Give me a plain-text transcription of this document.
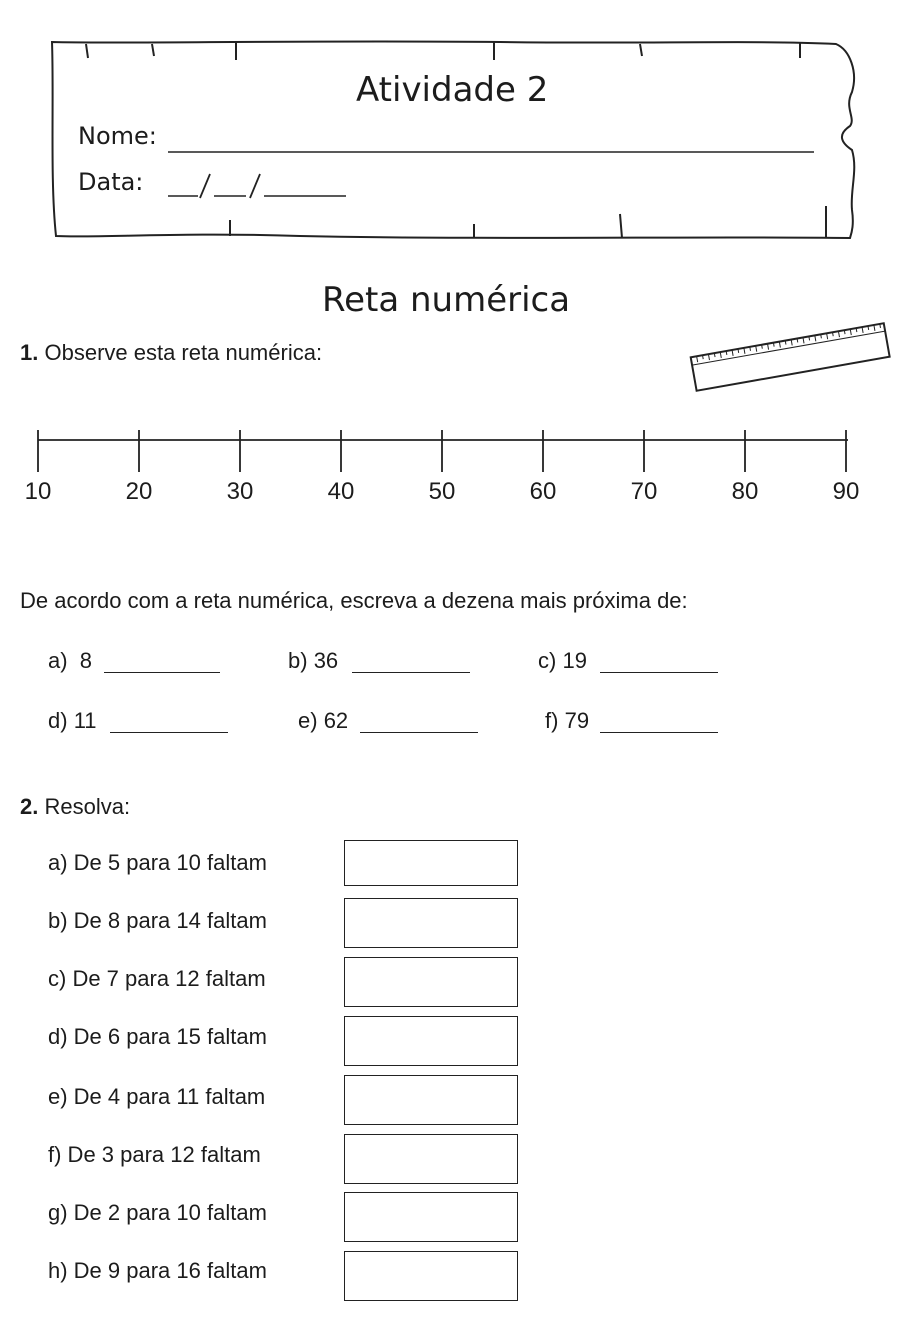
Atividade 2
Nome:
Data:
Reta numérica
1. Observe esta reta numérica:
10	20	30	40	50	60	70	80	90
De acordo com a reta numérica, escreva a dezena mais próxima de:
a) 8	b) 36	c) 19
d) 11	e) 62	f) 79
2. Resolva:
a) De 5 para 10 faltam
b) De 8 para 14 faltam
c) De 7 para 12 faltam
d) De 6 para 15 faltam
e) De 4 para 11 faltam
f) De 3 para 12 faltam
g) De 2 para 10 faltam
h) De 9 para 16 faltam
